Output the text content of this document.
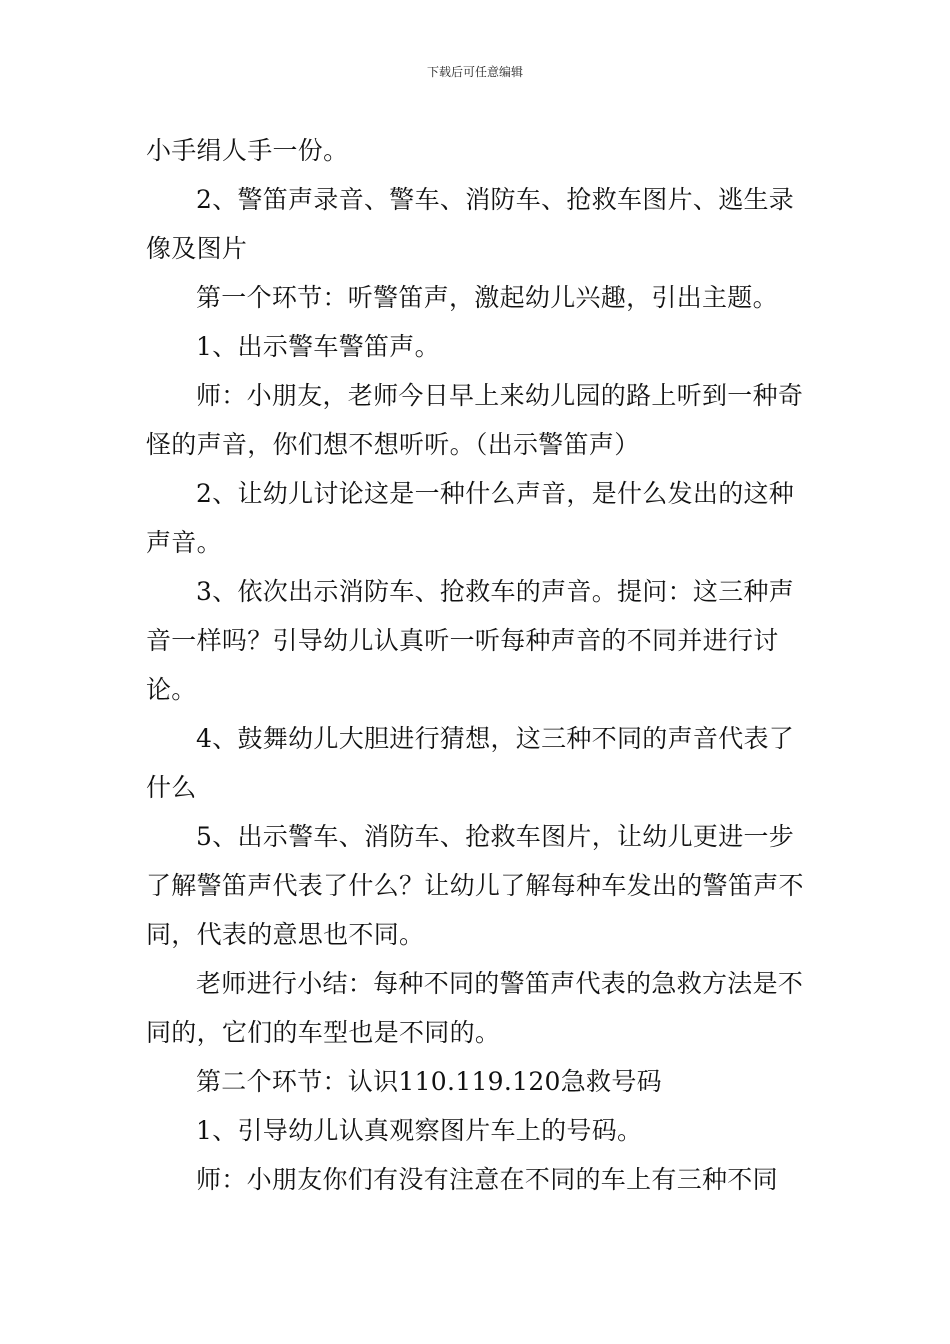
下载后可任意编辑

小手绢人手一份。

2、警笛声录音、警车、消防车、抢救车图片、逃生录像及图片

第一个环节：听警笛声，激起幼儿兴趣，引出主题。

1、出示警车警笛声。

师：小朋友，老师今日早上来幼儿园的路上听到一种奇怪的声音，你们想不想听听。（出示警笛声）

2、让幼儿讨论这是一种什么声音，是什么发出的这种声音。

3、依次出示消防车、抢救车的声音。提问：这三种声音一样吗？引导幼儿认真听一听每种声音的不同并进行讨论。

4、鼓舞幼儿大胆进行猜想，这三种不同的声音代表了什么

5、出示警车、消防车、抢救车图片，让幼儿更进一步了解警笛声代表了什么？让幼儿了解每种车发出的警笛声不同，代表的意思也不同。

老师进行小结：每种不同的警笛声代表的急救方法是不同的，它们的车型也是不同的。

第二个环节：认识110.119.120急救号码

1、引导幼儿认真观察图片车上的号码。

师：小朋友你们有没有注意在不同的车上有三种不同
